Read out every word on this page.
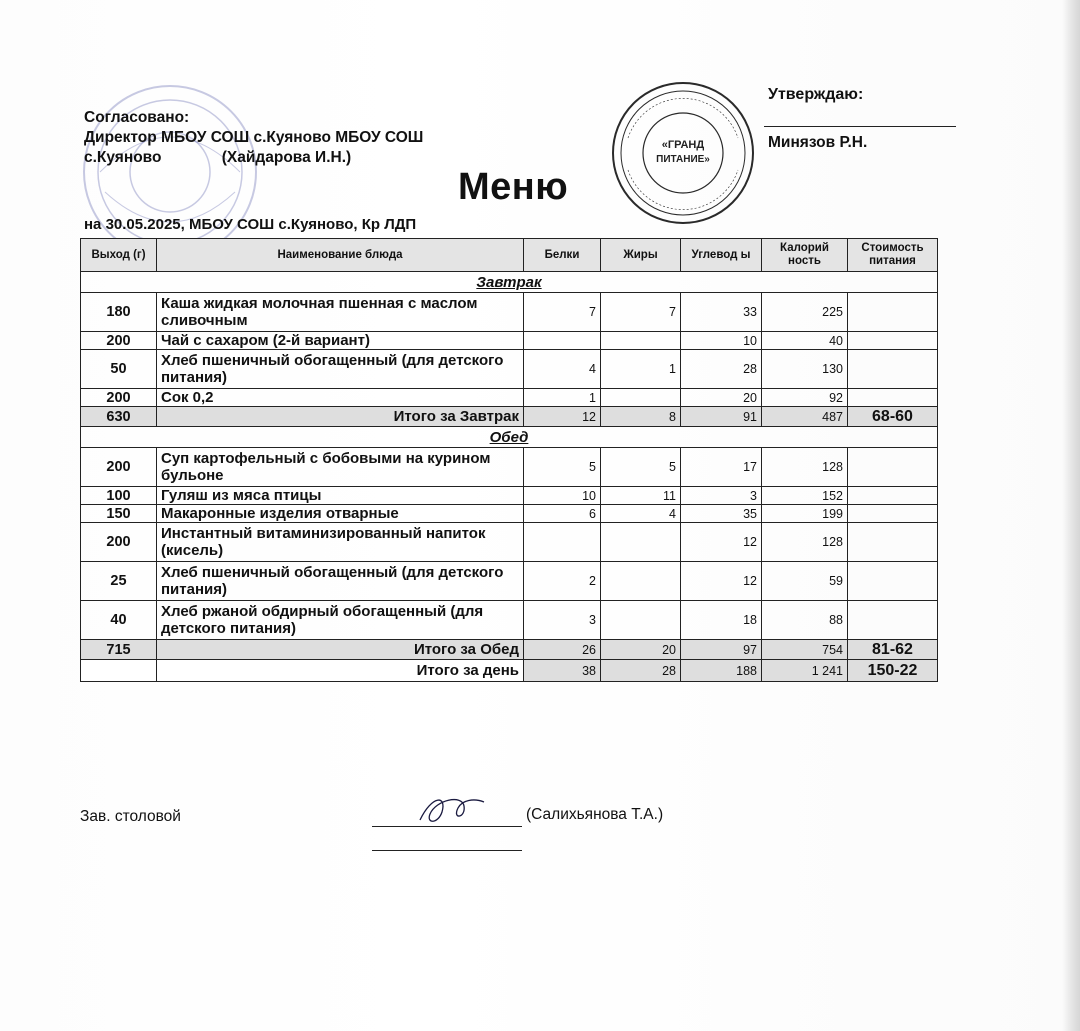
«ГРАНД
ПИТАНИЕ»
Согласовано:
Директор МБОУ СОШ с.Куяново МБОУ СОШ
с.Куяново              (Хайдарова И.Н.)
Утверждаю:
Минязов Р.Н.
Меню
на 30.05.2025, МБОУ СОШ с.Куяново, Кр ЛДП
Выход (г)	Наименование блюда	Белки	Жиры	Углевод ы	Калорий ность	Стоимость питания
Завтрак						
180	Каша жидкая молочная пшенная с маслом сливочным	7	7	33	225	
200	Чай с сахаром (2-й вариант)			10	40	
50	Хлеб пшеничный обогащенный (для детского питания)	4	1	28	130	
200	Сок 0,2	1		20	92	
630	Итого за Завтрак	12	8	91	487	68-60
Обед						
200	Суп картофельный с бобовыми на курином бульоне	5	5	17	128	
100	Гуляш из мяса птицы	10	11	3	152	
150	Макаронные изделия отварные	6	4	35	199	
200	Инстантный витаминизированный напиток (кисель)			12	128	
25	Хлеб пшеничный обогащенный (для детского питания)	2		12	59	
40	Хлеб ржаной обдирный обогащенный (для детского питания)	3		18	88	
715	Итого за Обед	26	20	97	754	81-62
	Итого за день	38	28	188	1 241	150-22
Зав. столовой	(Салихьянова Т.А.)
